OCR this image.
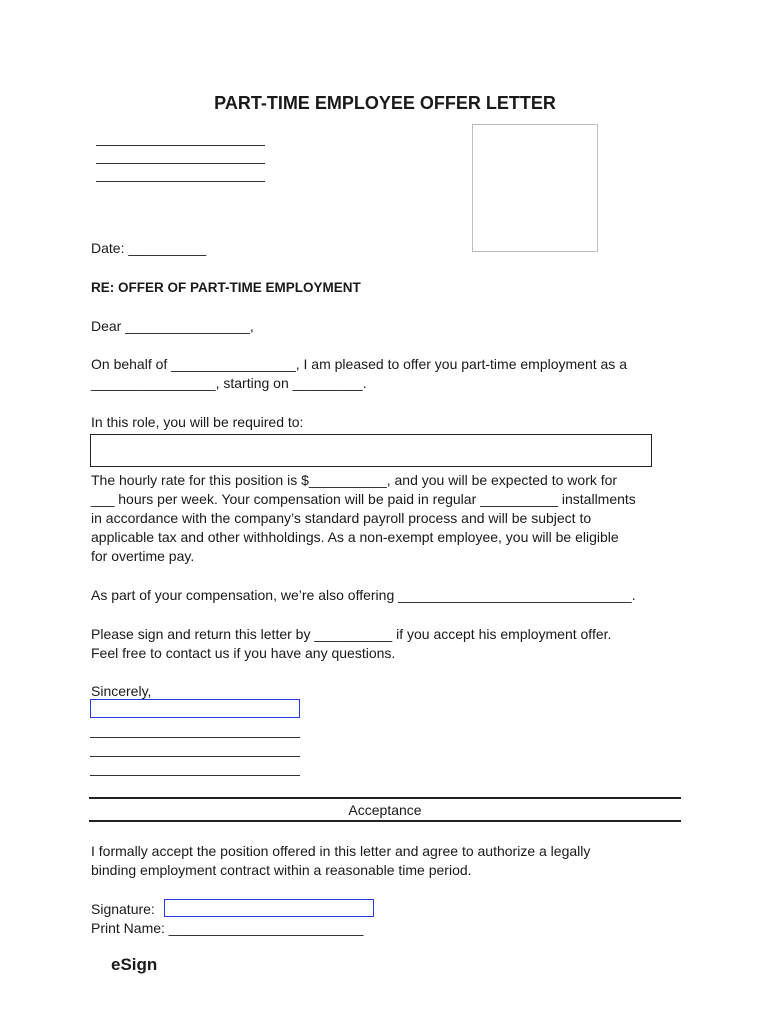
PART-TIME EMPLOYEE OFFER LETTER
Date: __________
RE: OFFER OF PART-TIME EMPLOYMENT
Dear ________________,
On behalf of ________________, I am pleased to offer you part-time employment as a
________________, starting on _________.
In this role, you will be required to:
The hourly rate for this position is $__________, and you will be expected to work for
___ hours per week. Your compensation will be paid in regular __________ installments
in accordance with the company’s standard payroll process and will be subject to
applicable tax and other withholdings. As a non-exempt employee, you will be eligible
for overtime pay.
As part of your compensation, we’re also offering ______________________________.
Please sign and return this letter by __________ if you accept his employment offer.
Feel free to contact us if you have any questions.
Sincerely,
Acceptance
I formally accept the position offered in this letter and agree to authorize a legally
binding employment contract within a reasonable time period.
Signature:
Print Name: _________________________
eSign
